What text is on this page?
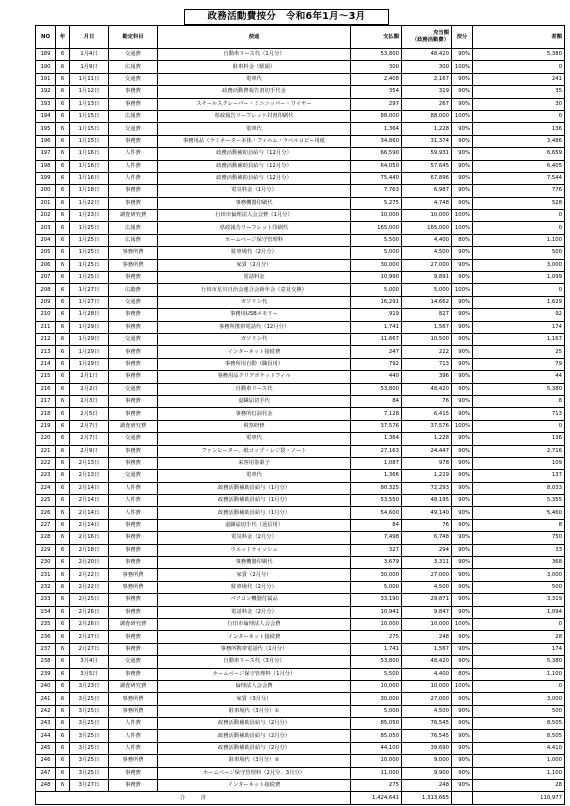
政務活動費按分　令和6年1月～3月
NO	年	月日	勘定科目	使途	支払額	充当額
（政務活動費）	按分	差額
189	6	1月4日	交通費	自動車リース代（1月分）	53,800	48,420	90%	5,380
190	6	1月9日	広報費	駐車料金（駅頭）	300	300	100%	0
191	6	1月11日	交通費	電車代	2,408	2,167	90%	241
192	6	1月12日	事務費	政務活動費報告書切手代金	354	319	90%	35
193	6	1月13日	事務費	スチールスクレーパー・ミニニッパー・ワイヤー	297	267	90%	30
194	6	1月15日	広報費	県政報告リーフレット封書印刷代	88,000	88,000	100%	0
195	6	1月15日	交通費	電車代	1,364	1,228	90%	136
196	6	1月15日	事務費	事務用品（ラミネーター本体・フィルム・ラベルコピー用紙	34,860	31,374	90%	3,486
197	6	1月16日	人件費	政務活動補助員給与（12月分）	66,590	59,931	90%	6,659
198	6	1月16日	人件費	政務活動補助員給与（12月分）	64,050	57,645	90%	6,405
199	6	1月16日	人件費	政務活動補助員給与（12月分）	75,440	67,896	90%	7,544
200	6	1月18日	事務費	電気料金（1月分）	7,763	6,987	90%	776
201	6	1月22日	事務費	事務機器印刷代	5,275	4,748	90%	528
202	6	1月23日	調査研究費	行田市倫理法人会会費（1月分）	10,000	10,000	100%	0
203	6	1月25日	広報費	県政報告リーフレット印刷代	165,000	165,000	100%	0
204	6	1月25日	広報費	ホームページ保守管理料	5,500	4,400	80%	1,100
205	6	1月25日	事務所費	駐車場代（2月分）	5,000	4,500	90%	500
206	6	1月25日	事務所費	家賃（2月分）	30,000	27,000	90%	3,000
207	6	1月25日	事務費	電話料金	10,990	9,891	90%	1,099
208	6	1月27日	広聴費	行田市星川自治会連合会新年会（意見交換）	5,000	5,000	100%	0
209	6	1月27日	交通費	ガソリン代	16,291	14,662	90%	1,629
210	6	1月28日	事務費	事務用USBメモリー	919	827	90%	92
211	6	1月29日	事務費	事務所携帯電話代（12月分）	1,741	1,567	90%	174
212	6	1月29日	交通費	ガソリン代	11,667	10,500	90%	1,167
213	6	1月29日	事務費	インターネット接続費	247	222	90%	25
214	6	1月29日	事務費	事務所用自動（職員用）	792	713	90%	79
215	6	2月1日	事務費	事務用品クリアポケットフィル	440	396	90%	44
216	6	2月2日	交通費	自動車リース代	53,800	48,420	90%	5,380
217	6	2月3日	事務費	退職届切手代	84	76	90%	8
218	6	2月5日	事務費	事務所灯油代金	7,128	6,415	90%	713
219	6	2月7日	調査研究費	視察研修	37,576	37,576	100%	0
220	6	2月7日	交通費	電車代	1,364	1,228	90%	136
221	6	2月9日	事務費	ファンヒーター、紙コップ・レジ袋・ノート	27,163	24,447	90%	2,716
222	6	2月13日	事務費	来客用茶菓子	1,087	978	90%	109
223	6	2月13日	交通費	電車代	1,366	1,229	90%	137
224	6	2月14日	人件費	政務活動補助員給与（1月分）	80,325	72,293	90%	8,033
225	6	2月14日	人件費	政務活動補助員給与（1月分）	53,550	48,195	90%	5,355
226	6	2月14日	人件費	政務活動補助員給与（1月分）	54,600	49,140	90%	5,460
227	6	2月14日	事務費	退職届切手代（返信用）	84	76	90%	8
228	6	2月16日	事務費	電気料金（2月分）	7,498	6,748	90%	750
229	6	2月18日	事務費	ウエットティッシュ	327	294	90%	33
230	6	2月20日	事務費	事務機器印刷代	3,679	3,311	90%	368
231	6	2月22日	事務所費	家賃（2月分）	30,000	27,000	90%	3,000
232	6	2月22日	事務所費	駐車場代（2月分）	5,000	4,500	90%	500
233	6	2月25日	事務費	パソコン機器付属品	33,190	29,871	90%	3,319
234	6	2月26日	事務費	電話料金（2月分）	10,941	9,847	90%	1,094
235	6	2月26日	調査研究費	行田市倫理法人会会費	10,000	10,000	100%	0
236	6	2月27日	事務費	インターネット接続費	275	248	90%	28
237	6	2月27日	事務費	事務所携帯電話代（1月分）	1,741	1,567	90%	174
238	6	3月4日	交通費	自動車リース代（3月分）	53,800	48,420	90%	5,380
239	6	3月5日	事務費	ホームページ保守管理料（1月分）	5,500	4,400	80%	1,100
240	6	3月23日	調査研究費	倫理法人会会費	10,000	10,000	100%	0
241	6	3月25日	事務所費	家賃（3月分）	30,000	27,000	90%	3,000
242	6	3月25日	事務所費	駐車場代（3月分）①	5,000	4,500	90%	500
243	6	3月25日	人件費	政務活動補助員給与（2月分）	85,050	76,545	90%	8,505
244	6	3月25日	人件費	政務活動補助員給与（2月分）	85,050	76,545	90%	8,505
245	6	3月25日	人件費	政務活動補助員給与（2月分）	44,100	39,690	90%	4,410
246	6	3月25日	事務所費	駐車場代（3月分）②	10,000	9,000	90%	1,000
247	6	3月25日	事務費	ホームページ保守管理料（2月分、3月分）	11,000	9,900	90%	1,100
248	6	3月27日	事務費	インターネット接続費	275	248	90%	28
合　　　計					1,424,641	1,313,665		110,977
